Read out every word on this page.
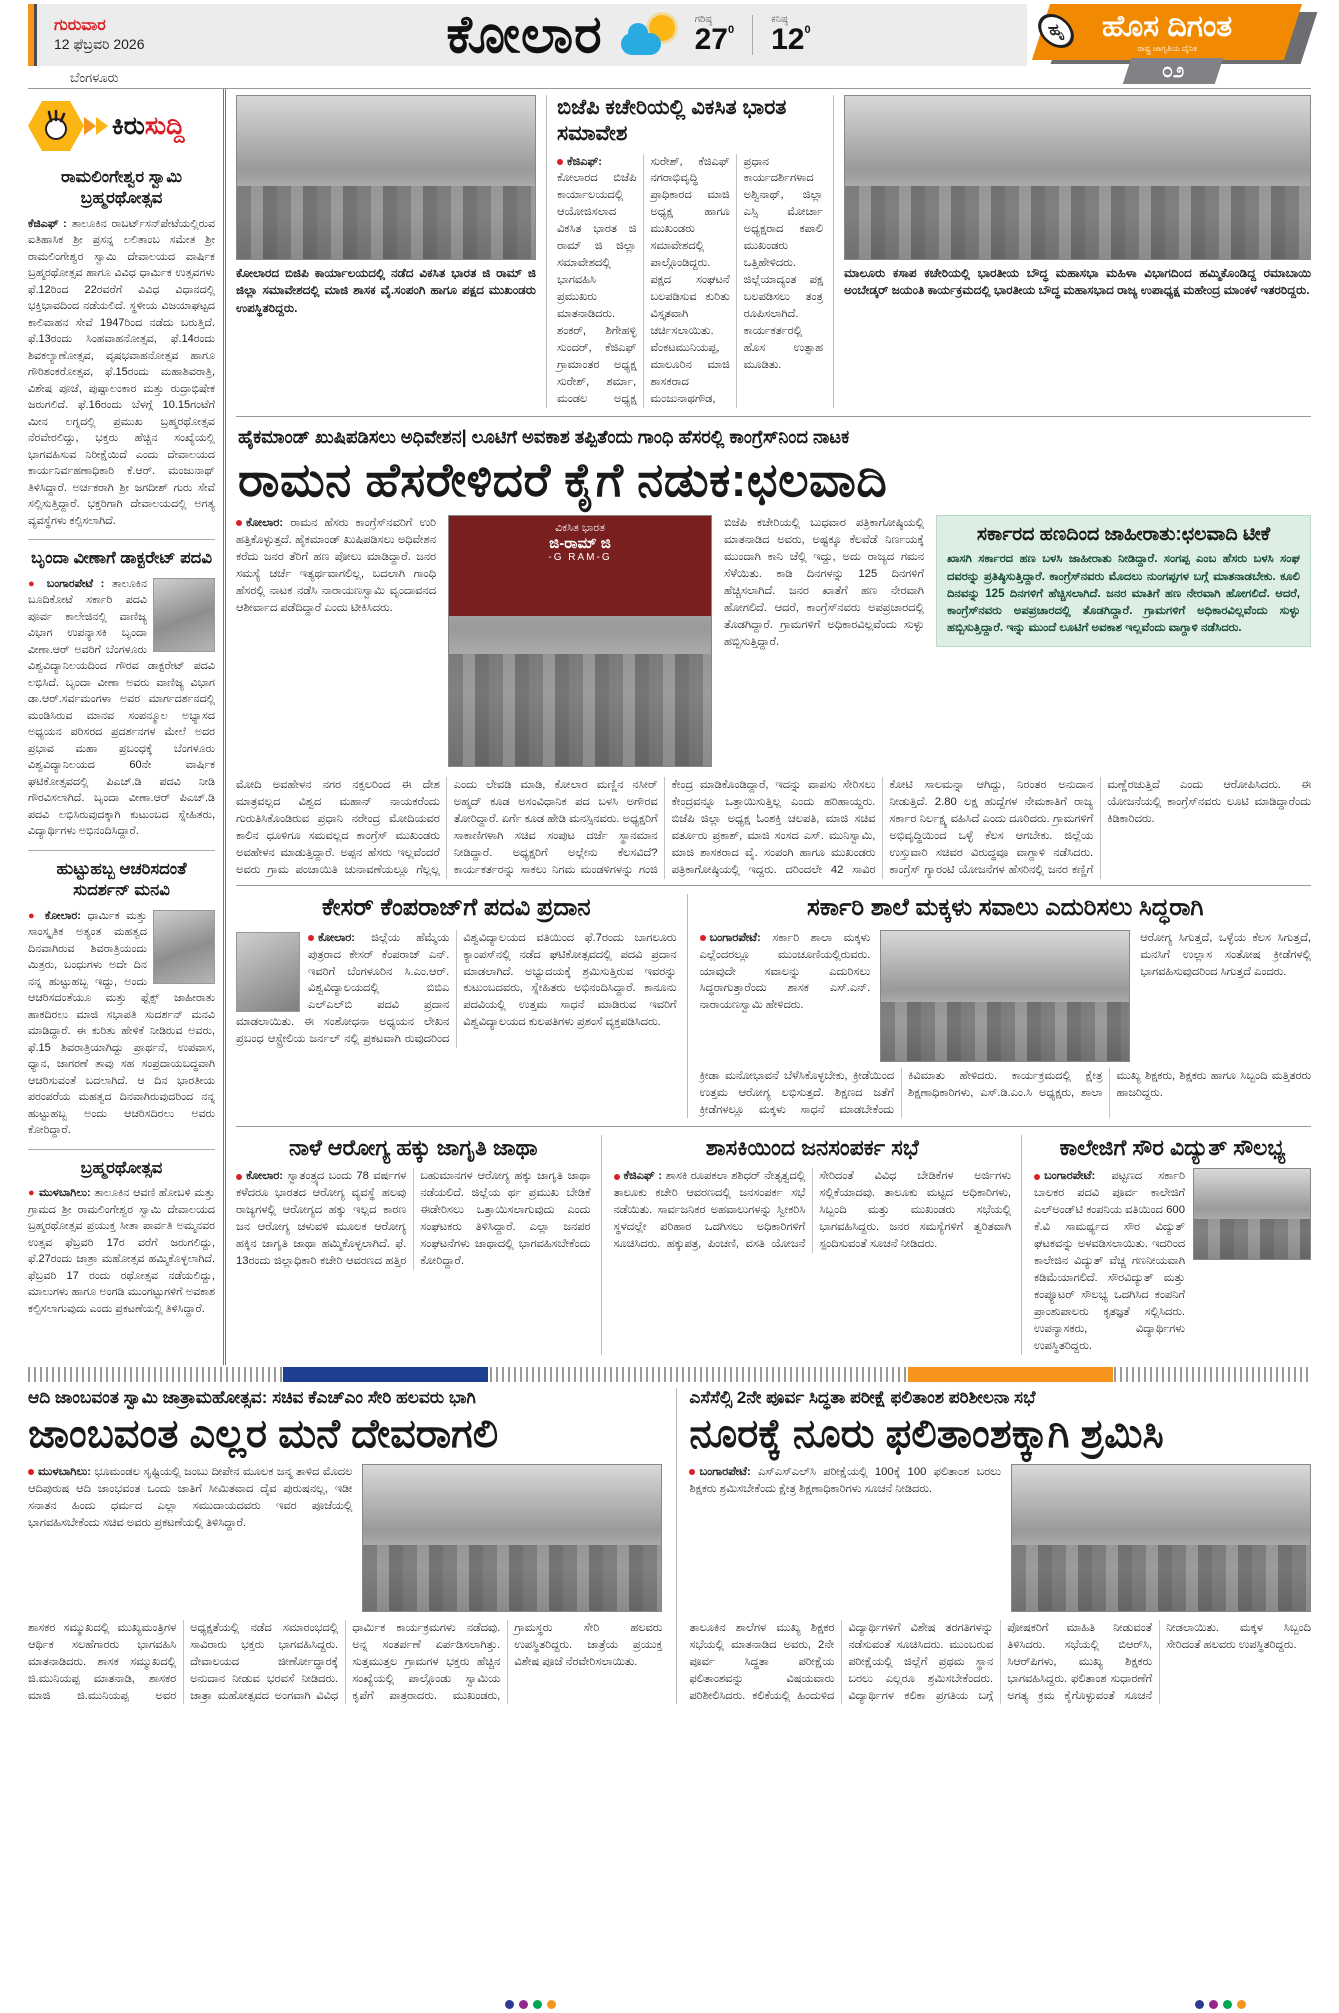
ಗುರುವಾರ
12 ಫೆಬ್ರವರಿ 2026	ಕೋಲಾರ	ಗರಿಷ್ಠ
$27^0$
ಕನಿಷ್ಠ
$12^0$	ಹೊಸ ದಿಗಂತ
ರಾಷ್ಟ್ರ ಜಾಗೃತಿಯ ದೈನಿಕ
ಹೃ
೦೨
ಬೆಂಗಳೂರು
ಕಿರುಸುದ್ದಿ
ರಾಮಲಿಂಗೇಶ್ವರ ಸ್ವಾಮಿ ಬ್ರಹ್ಮರಥೋತ್ಸವ
ಕೆಜಿಎಫ್ : ತಾಲೂಕಿನ ರಾಬರ್ಟ್‌ಸನ್‌ಪೇಟೆಯಲ್ಲಿರುವ ಐತಿಹಾಸಿಕ ಶ್ರೀ ಪ್ರಸನ್ನ ಲಲಿತಾಂಬ ಸಮೇತ ಶ್ರೀ ರಾಮಲಿಂಗೇಶ್ವರ ಸ್ವಾಮಿ ದೇವಾಲಯದ ವಾರ್ಷಿಕ ಬ್ರಹ್ಮರಥೋತ್ಸವ ಹಾಗೂ ವಿವಿಧ ಧಾರ್ಮಿಕ ಉತ್ಸವಗಳು ಫೆ.12ರಿಂದ 22ರವರೆಗೆ ವಿವಿಧ ವಿಧಾನದಲ್ಲಿ ಭಕ್ತಿಭಾವದಿಂದ ನಡೆಯಲಿದೆ. ಸ್ಥಳೀಯ ವಿಜಯಾಘಟ್ಟದ ಕಾಲಿವಾಹನ ಸೇವೆ 1947ರಿಂದ ನಡೆದು ಬರುತ್ತಿದೆ. ಫೆ.13ರಂದು ಸಿಂಹವಾಹನೋತ್ಸವ, ಫೆ.14ರಂದು ಶಿವಕಲ್ಯಾಣೋತ್ಸವ, ವೃಷಭವಾಹನೋತ್ಸವ ಹಾಗೂ ಗೌರಿಶಂಕರೋತ್ಸವ, ಫೆ.15ರಂದು ಮಹಾಶಿವರಾತ್ರಿ, ವಿಶೇಷ ಪೂಜೆ, ಪುಷ್ಪಾಲಂಕಾರ ಮತ್ತು ರುದ್ರಾಭಿಷೇಕ ಜರುಗಲಿದೆ. ಫೆ.16ರಂದು ಬೆಳಗ್ಗೆ 10.15ಗಂಟೆಗೆ ಮೀನ ಲಗ್ನದಲ್ಲಿ ಪ್ರಮುಖ ಬ್ರಹ್ಮರಥೋತ್ಸವ ನೆರವೇರಲಿದ್ದು, ಭಕ್ತರು ಹೆಚ್ಚಿನ ಸಂಖ್ಯೆಯಲ್ಲಿ ಭಾಗವಹಿಸುವ ನಿರೀಕ್ಷೆಯಿದೆ ಎಂದು ದೇವಾಲಯದ ಕಾರ್ಯನಿರ್ವಹಣಾಧಿಕಾರಿ ಕೆ.ಆರ್. ಮಂಜುನಾಥ್ ತಿಳಿಸಿದ್ದಾರೆ. ಅರ್ಚಕರಾಗಿ ಶ್ರೀ ಜಗದೀಶ್ ಗುರು ಸೇವೆ ಸಲ್ಲಿಸುತ್ತಿದ್ದಾರೆ. ಭಕ್ತರಿಗಾಗಿ ದೇವಾಲಯದಲ್ಲಿ ಅಗತ್ಯ ವ್ಯವಸ್ಥೆಗಳು ಕಲ್ಪಿಸಲಾಗಿದೆ.
ಬೃಂದಾ ವೀಣಾಗೆ ಡಾಕ್ಟರೇಟ್ ಪದವಿ
● ಬಂಗಾರಪೇಟೆ : ತಾಲೂಕಿನ ಬೂದಿಕೋಟೆ ಸರ್ಕಾರಿ ಪದವಿ ಪೂರ್ವ ಕಾಲೇಜಿನಲ್ಲಿ ವಾಣಿಜ್ಯ ವಿಭಾಗ ಉಪನ್ಯಾಸಕಿ ಬೃಂದಾ ವೀಣಾ.ಆರ್ ಅವರಿಗೆ ಬೆಂಗಳೂರು ವಿಶ್ವವಿದ್ಯಾನಿಲಯದಿಂದ ಗೌರವ ಡಾಕ್ಟರೇಟ್ ಪದವಿ ಲಭಿಸಿದೆ. ಬೃಂದಾ ವೀಣಾ ಅವರು ವಾಣಿಜ್ಯ ವಿಭಾಗ ಡಾ.ಆರ್.ಸರ್ವಮಂಗಳಾ ಅವರ ಮಾರ್ಗದರ್ಶನದಲ್ಲಿ ಮಂಡಿಸಿರುವ ಮಾನವ ಸಂಪನ್ಮೂಲ ಅಭ್ಯಾಸದ ಅಧ್ಯಯನ ಪರಿಸರದ ಪ್ರದರ್ಶನಗಳ ಮೇಲೆ ಅದರ ಪ್ರಭಾವ ಮಹಾ ಪ್ರಬಂಧಕ್ಕೆ ಬೆಂಗಳೂರು ವಿಶ್ವವಿದ್ಯಾನಿಲಯದ 60ನೇ ವಾರ್ಷಿಕ ಘಟಿಕೋತ್ಸವದಲ್ಲಿ ಪಿಎಚ್.ಡಿ ಪದವಿ ನೀಡಿ ಗೌರವಿಸಲಾಗಿದೆ. ಬೃಂದಾ ವೀಣಾ.ಆರ್ ಪಿಎಚ್.ಡಿ ಪದವಿ ಲಭಿಸಿರುವುದಕ್ಕಾಗಿ ಕುಟುಂಬದ ಸ್ನೇಹಿತರು, ವಿದ್ಯಾರ್ಥಿಗಳು ಅಭಿನಂದಿಸಿದ್ದಾರೆ.
ಹುಟ್ಟುಹಬ್ಬ ಆಚರಿಸದಂತೆ ಸುದರ್ಶನ್ ಮನವಿ
● ಕೋಲಾರ: ಧಾರ್ಮಿಕ ಮತ್ತು ಸಾಂಸ್ಕೃತಿಕ ಅತ್ಯಂತ ಮಹತ್ವದ ದಿನವಾಗಿರುವ ಶಿವರಾತ್ರಿಯಂದು ಮಿತ್ರರು, ಬಂಧುಗಳು ಅದೇ ದಿನ ನನ್ನ ಹುಟ್ಟುಹಬ್ಬ ಇದ್ದು, ಅಂದು ಆಚರಿಸದಂತೆಯೂ ಮತ್ತು ಫ್ಲೆಕ್ಸ್ ಜಾಹೀರಾತು ಹಾಕದಿರಲು ಮಾಜಿ ಸಭಾಪತಿ ಸುದರ್ಶನ್ ಮನವಿ ಮಾಡಿದ್ದಾರೆ. ಈ ಕುರಿತು ಹೇಳಿಕೆ ನೀಡಿರುವ ಅವರು, ಫೆ.15 ಶಿವರಾತ್ರಿಯಾಗಿದ್ದು ಪ್ರಾರ್ಥನೆ, ಉಪವಾಸ, ಧ್ಯಾನ, ಜಾಗರಣೆ ತಾವು ಸಹ ಸಂಪ್ರದಾಯಬದ್ಧವಾಗಿ ಆಚರಿಸುವಂತೆ ಬದಲಾಗಿದೆ. ಆ ದಿನ ಭಾರತೀಯ ಪರಂಪರೆಯ ಮಹತ್ವದ ದಿನವಾಗಿರುವುದರಿಂದ ನನ್ನ ಹುಟ್ಟುಹಬ್ಬ ಅಂದು ಆಚರಿಸದಿರಲು ಅವರು ಕೋರಿದ್ದಾರೆ.
ಬ್ರಹ್ಮರಥೋತ್ಸವ
● ಮುಳಬಾಗಿಲು: ತಾಲೂಕಿನ ಆವಣಿ ಹೋಬಳಿ ಮತ್ತು ಗ್ರಾಮದ ಶ್ರೀ ರಾಮಲಿಂಗೇಶ್ವರ ಸ್ವಾಮಿ ದೇವಾಲಯದ ಬ್ರಹ್ಮರಥೋತ್ಸವ ಪ್ರಯುಕ್ತ ಸೀತಾ ಪಾರ್ವತಿ ಅಮ್ಮನವರ ಉತ್ಸವ ಫೆಬ್ರವರಿ 17ರ ವರೆಗೆ ಜರುಗಲಿದ್ದು, ಫೆ.27ರಂದು ಜಾತ್ರಾ ಮಹೋತ್ಸವ ಹಮ್ಮಿಕೊಳ್ಳಲಾಗಿದೆ. ಫೆಬ್ರವರಿ 17 ರಂದು ರಥೋತ್ಸವ ನಡೆಯಲಿದ್ದು, ಮಾಲುಗಳು ಹಾಗೂ ಅಂಗಡಿ ಮುಂಗಟ್ಟುಗಳಿಗೆ ಅವಕಾಶ ಕಲ್ಪಿಸಲಾಗುವುದು ಎಂದು ಪ್ರಕಟಣೆಯಲ್ಲಿ ತಿಳಿಸಿದ್ದಾರೆ.
ಕೋಲಾರದ ಬಿಜಿಪಿ ಕಾರ್ಯಾಲಯದಲ್ಲಿ ನಡೆದ ವಿಕಸಿತ ಭಾರತ ಜಿ ರಾಮ್ ಜಿ ಜಿಲ್ಲಾ ಸಮಾವೇಶದಲ್ಲಿ ಮಾಜಿ ಶಾಸಕ ವೈ.ಸಂಪಂಗಿ ಹಾಗೂ ಪಕ್ಷದ ಮುಖಂಡರು ಉಪಸ್ಥಿತರಿದ್ದರು.
ಬಿಜೆಪಿ ಕಚೇರಿಯಲ್ಲಿ ವಿಕಸಿತ ಭಾರತ ಸಮಾವೇಶ
ಕೆಜಿಎಫ್: ಕೋಲಾರದ ಬಿಜೆಪಿ ಕಾರ್ಯಾಲಯದಲ್ಲಿ ಆಯೋಜಿಸಲಾದ ವಿಕಸಿತ ಭಾರತ ಜಿ ರಾಮ್ ಜಿ ಜಿಲ್ಲಾ ಸಮಾವೇಶದಲ್ಲಿ ಭಾಗವಹಿಸಿ ಪ್ರಮುಖರು ಮಾತನಾಡಿದರು. ಶಂಕರ್, ಶಿಗೇಹಳ್ಳಿ ಸುಂದರ್, ಕೆಜಿಎಫ್ ಗ್ರಾಮಾಂತರ ಅಧ್ಯಕ್ಷ ಸುರೇಶ್, ಶರ್ಮಾ, ಮಂಡಲ ಅಧ್ಯಕ್ಷ ಸುರೇಶ್, ಕೆಜಿಎಫ್ ನಗರಾಭಿವೃದ್ಧಿ ಪ್ರಾಧಿಕಾರದ ಮಾಜಿ ಅಧ್ಯಕ್ಷ ಹಾಗೂ ಮುಖಂಡರು ಸಮಾವೇಶದಲ್ಲಿ ಪಾಲ್ಗೊಂಡಿದ್ದರು. ಪಕ್ಷದ ಸಂಘಟನೆ ಬಲಪಡಿಸುವ ಕುರಿತು ವಿಸ್ತೃತವಾಗಿ ಚರ್ಚಿಸಲಾಯಿತು. ವೆಂಕಟಮುನಿಯಪ್ಪ, ಮಾಲೂರಿನ ಮಾಜಿ ಶಾಸಕರಾದ ಮಂಜುನಾಥಗೌಡ, ಪ್ರಧಾನ ಕಾರ್ಯದರ್ಶಿಗಳಾದ ಅಶ್ವಿನಾಥ್, ಜಿಲ್ಲಾ ಎಸ್ಸಿ ಮೋರ್ಚಾ ಅಧ್ಯಕ್ಷರಾದ ಕಪಾಲಿ ಮುಖಂಡರು ಒತ್ತಿಹೇಳಿದರು. ಜಿಲ್ಲೆಯಾದ್ಯಂತ ಪಕ್ಷ ಬಲಪಡಿಸಲು ತಂತ್ರ ರೂಪಿಸಲಾಗಿದೆ. ಕಾರ್ಯಕರ್ತರಲ್ಲಿ ಹೊಸ ಉತ್ಸಾಹ ಮೂಡಿತು.
ಮಾಲೂರು ಕಸಾಪ ಕಚೇರಿಯಲ್ಲಿ ಭಾರತೀಯ ಬೌದ್ಧ ಮಹಾಸಭಾ ಮಹಿಳಾ ವಿಭಾಗದಿಂದ ಹಮ್ಮಿಕೊಂಡಿದ್ದ ರಮಾಬಾಯಿ ಅಂಬೇಡ್ಕರ್ ಜಯಂತಿ ಕಾರ್ಯಕ್ರಮದಲ್ಲಿ ಭಾರತೀಯ ಬೌದ್ಧ ಮಹಾಸಭಾದ ರಾಜ್ಯ ಉಪಾಧ್ಯಕ್ಷ ಮಹೇಂದ್ರ ಮಾಂಕಳೆ ಇತರರಿದ್ದರು.
ಹೈಕಮಾಂಡ್ ಖುಷಿಪಡಿಸಲು ಅಧಿವೇಶನ| ಲೂಟಿಗೆ ಅವಕಾಶ ತಪ್ಪಿತೆಂದು ಗಾಂಧಿ ಹೆಸರಲ್ಲಿ ಕಾಂಗ್ರೆಸ್‌ನಿಂದ ನಾಟಕ
ರಾಮನ ಹೆಸರೇಳಿದರೆ ಕೈಗೆ ನಡುಕ:ಛಲವಾದಿ
ಕೋಲಾರ: ರಾಮನ ಹೆಸರು ಕಾಂಗ್ರೆಸ್‌ನವರಿಗೆ ಉರಿ ಹತ್ತಿಕೊಳ್ಳುತ್ತದೆ. ಹೈಕಮಾಂಡ್ ಖುಷಿಪಡಿಸಲು ಅಧಿವೇಶನ ಕರೆದು ಜನರ ತೆರಿಗೆ ಹಣ ಪೋಲು ಮಾಡಿದ್ದಾರೆ. ಜನರ ಸಮಸ್ಯೆ ಚರ್ಚೆ ಇತ್ಯರ್ಥವಾಗಲಿಲ್ಲ, ಬದಲಾಗಿ ಗಾಂಧಿ ಹೆಸರಲ್ಲಿ ನಾಟಕ ನಡೆಸಿ ನಾರಾಯಣಸ್ವಾಮಿ ವೃಂದಾವನದ ಆಶೀರ್ವಾದ ಪಡೆದಿದ್ದಾರೆ ಎಂದು ಟೀಕಿಸಿದರು.
ವಿಕಸಿತ ಭಾರತ
ಜಿ-ರಾಮ್ ಜಿ
-G RAM-G
ಬಿಜೆಪಿ ಕಚೇರಿಯಲ್ಲಿ ಬುಧವಾರ ಪತ್ರಿಕಾಗೋಷ್ಠಿಯಲ್ಲಿ ಮಾತನಾಡಿದ ಅವರು, ಅಷ್ಟಕ್ಕೂ ಕೆಲವೆಡೆ ನಿರ್ಣಯಕ್ಕೆ ಮುಂದಾಗಿ ಕಾನಿ ಚೆಲ್ಲಿ ಇದ್ದು, ಅದು ರಾಜ್ಯದ ಗಮನ ಸೆಳೆಯಿತು. ಕಾಡಿ ದಿನಗಳನ್ನು 125 ದಿನಗಳಿಗೆ ಹೆಚ್ಚಿಸಲಾಗಿದೆ. ಜನರ ಖಾತೆಗೆ ಹಣ ನೇರವಾಗಿ ಹೋಗಲಿದೆ. ಆದರೆ, ಕಾಂಗ್ರೆಸ್‌ನವರು ಅಪಪ್ರಚಾರದಲ್ಲಿ ತೊಡಗಿದ್ದಾರೆ. ಗ್ರಾಮಗಳಿಗೆ ಅಧಿಕಾರವಿಲ್ಲವೆಂದು ಸುಳ್ಳು ಹಬ್ಬಿಸುತ್ತಿದ್ದಾರೆ.
ಸರ್ಕಾರದ ಹಣದಿಂದ ಜಾಹೀರಾತು:ಛಲವಾದಿ ಟೀಕೆ
ಖಾಸಗಿ ಸರ್ಕಾರದ ಹಣ ಬಳಸಿ ಜಾಹೀರಾತು ನೀಡಿದ್ದಾರೆ. ಸಂಗಪ್ಪ ಎಂಬ ಹೆಸರು ಬಳಸಿ ಸಂಘ ದವರನ್ನು ಪ್ರತಿಷ್ಠಿಸುತ್ತಿದ್ದಾರೆ. ಕಾಂಗ್ರೆಸ್‌ನವರು ಮೊದಲು ನುಂಗಪ್ಪಗಳ ಬಗ್ಗೆ ಮಾತನಾಡಬೇಕು. ಕೂಲಿ ದಿನವನ್ನು 125 ದಿನಗಳಿಗೆ ಹೆಚ್ಚಿಸಲಾಗಿದೆ. ಜನರ ಮಾತಿಗೆ ಹಣ ನೇರವಾಗಿ ಹೋಗಲಿದೆ. ಆದರೆ, ಕಾಂಗ್ರೆಸ್‌ನವರು ಅಪಪ್ರಚಾರದಲ್ಲಿ ತೊಡಗಿದ್ದಾರೆ. ಗ್ರಾಮಗಳಿಗೆ ಅಧಿಕಾರವಿಲ್ಲವೆಂದು ಸುಳ್ಳು ಹಬ್ಬಿಸುತ್ತಿದ್ದಾರೆ. ಇನ್ನು ಮುಂದೆ ಲೂಟಿಗೆ ಅವಕಾಶ ಇಲ್ಲವೆಂದು ವಾಗ್ದಾಳಿ ನಡೆಸಿದರು.
ಮೋದಿ ಅವಹೇಳನ ನಗರ ನಕ್ಸಲರಿಂದ ಈ ದೇಶ ಮಾತ್ರವಲ್ಲದ ವಿಶ್ವದ ಮಹಾನ್ ನಾಯಕರೆಂದು ಗುರುತಿಸಿಕೊಂಡಿರುವ ಪ್ರಧಾನಿ ನರೇಂದ್ರ ಮೋದಿಯವರ ಕಾಲಿನ ಧೂಳಿಗೂ ಸಮವಲ್ಲದ ಕಾಂಗ್ರೆಸ್ ಮುಖಂಡರು ಅವಹೇಳನ ಮಾಡುತ್ತಿದ್ದಾರೆ. ಅಪ್ಪನ ಹೆಸರು ಇಲ್ಲವೆಂದರೆ ಅವರು ಗ್ರಾಮ ಪಂಚಾಯಿತಿ ಚುನಾವಣೆಯಲ್ಲೂ ಗೆಲ್ಲಲ್ಲ ಎಂದು ಲೇವಡಿ ಮಾಡಿ, ಕೋಲಾರ ಮಣ್ಣಿನ ನಸೀರ್ ಅಹ್ಮದ್ ಕೂಡ ಅಸಂವಿಧಾನಿಕ ಪದ ಬಳಸಿ ಅಗೌರವ ತೋರಿದ್ದಾರೆ. ಏರ್ಗೆ ಕೂಡ ಹೇಡಿ ಮನಸ್ಸಿನವರು. ಅಧ್ಯಕ್ಷರಿಗೆ ಸಾಕಾಣಿಗಳಾಗಿ ಸಚಿವ ಸಂಪುಟ ದರ್ಜೆ ಸ್ಥಾನಮಾನ ನೀಡಿದ್ದಾರೆ. ಅಧ್ಯಕ್ಷರಿಗೆ ಅಲ್ಲೇನು ಕೆಲಸವಿದೆ? ಕಾರ್ಯಕರ್ತರನ್ನು ಸಾಕಲು ನಿಗಮ ಮಂಡಳಿಗಳನ್ನು ಗಂಜಿ ಕೇಂದ್ರ ಮಾಡಿಕೊಂಡಿದ್ದಾರೆ, ಇದನ್ನು ವಾಪಸು ಸೇರಿಸಲು ಕೇಂದ್ರವನ್ನೂ ಒತ್ತಾಯಿಸುತ್ತಿಲ್ಲ ಎಂದು ಹರಿಹಾಯ್ದರು. ಬಿಜೆಪಿ ಜಿಲ್ಲಾ ಅಧ್ಯಕ್ಷ ಓಂಶಕ್ತಿ ಚಲಪತಿ, ಮಾಜಿ ಸಚಿವ ವರ್ತೂರು ಪ್ರಕಾಶ್, ಮಾಜಿ ಸಂಸದ ಎಸ್. ಮುನಿಸ್ವಾಮಿ, ಮಾಜಿ ಶಾಸಕರಾದ ವೈ. ಸಂಪಂಗಿ ಹಾಗೂ ಮುಖಂಡರು ಪತ್ರಿಕಾಗೋಷ್ಠಿಯಲ್ಲಿ ಇದ್ದರು. ದರಿಂದಲೇ 42 ಸಾವಿರ ಕೋಟಿ ಸಾಲಮನ್ನಾ ಆಗಿದ್ದು, ನಿರಂತರ ಅನುದಾನ ನೀಡುತ್ತಿದೆ. 2.80 ಲಕ್ಷ ಹುದ್ದೆಗಳ ನೇಮಕಾತಿಗೆ ರಾಜ್ಯ ಸರ್ಕಾರ ನಿರ್ಲಕ್ಷ್ಯ ವಹಿಸಿದೆ ಎಂದು ದೂರಿದರು. ಗ್ರಾಮಗಳಿಗೆ ಅಭಿವೃದ್ಧಿಯಿಂದ ಒಳ್ಳೆ ಕೆಲಸ ಆಗಬೇಕು. ಜಿಲ್ಲೆಯ ಉಸ್ತುವಾರಿ ಸಚಿವರ ವಿರುದ್ಧವೂ ವಾಗ್ದಾಳಿ ನಡೆಸಿದರು. ಕಾಂಗ್ರೆಸ್ ಗ್ಯಾರಂಟಿ ಯೋಜನೆಗಳ ಹೆಸರಿನಲ್ಲಿ ಜನರ ಕಣ್ಣಿಗೆ ಮಣ್ಣೆರಚುತ್ತಿದೆ ಎಂದು ಆರೋಪಿಸಿದರು. ಈ ಯೋಜನೆಯಲ್ಲಿ ಕಾಂಗ್ರೆಸ್‌ನವರು ಲೂಟಿ ಮಾಡಿದ್ದಾರೆಂದು ಕಿಡಿಕಾರಿದರು.
ಕೇಸರ್ ಕೆಂಪರಾಜ್‌ಗೆ ಪದವಿ ಪ್ರದಾನ
ಕೋಲಾರ: ಜಿಲ್ಲೆಯ ಹೆಮ್ಮೆಯ ಪುತ್ರರಾದ ಕೇಸರ್ ಕೆಂಪರಾಜ್ ಎನ್. ಇವರಿಗೆ ಬೆಂಗಳೂರಿನ ಸಿ.ಎಂ.ಆರ್. ವಿಶ್ವವಿದ್ಯಾಲಯದಲ್ಲಿ ಬಿಬಿಎ ಎಲ್‌ಎಲ್‌ಬಿ ಪದವಿ ಪ್ರದಾನ ಮಾಡಲಾಯಿತು. ಈ ಸಂಶೋಧನಾ ಅಧ್ಯಯನ ಲೇಖನ ಪ್ರಬಂಧ ಆಸ್ಟ್ರೇಲಿಯ ಜರ್ನಲ್ ನಲ್ಲಿ ಪ್ರಕಟವಾಗಿ ರುವುದರಿಂದ ವಿಶ್ವವಿದ್ಯಾಲಯದ ವತಿಯಿಂದ ಫೆ.7ರಂದು ಬಾಗಲೂರು ಕ್ಯಾಂಪಸ್‌ನಲ್ಲಿ ನಡೆದ ಘಟಿಕೋತ್ಸವದಲ್ಲಿ ಪದವಿ ಪ್ರದಾನ ಮಾಡಲಾಗಿದೆ. ಅಭ್ಯುದಯಕ್ಕೆ ಶ್ರಮಿಸುತ್ತಿರುವ ಇವರನ್ನು ಕುಟುಂಬದವರು, ಸ್ನೇಹಿತರು ಅಭಿನಂದಿಸಿದ್ದಾರೆ. ಕಾನೂನು ಪದವಿಯಲ್ಲಿ ಉತ್ತಮ ಸಾಧನೆ ಮಾಡಿರುವ ಇವರಿಗೆ ವಿಶ್ವವಿದ್ಯಾಲಯದ ಕುಲಪತಿಗಳು ಪ್ರಶಂಸೆ ವ್ಯಕ್ತಪಡಿಸಿದರು.
ಸರ್ಕಾರಿ ಶಾಲೆ ಮಕ್ಕಳು ಸವಾಲು ಎದುರಿಸಲು ಸಿದ್ಧರಾಗಿ
ಬಂಗಾರಪೇಟೆ: ಸರ್ಕಾರಿ ಶಾಲಾ ಮಕ್ಕಳು ಎಲ್ಲೆಂದರಲ್ಲೂ ಮುಂಚೂಣಿಯಲ್ಲಿರುವರು. ಯಾವುದೇ ಸವಾಲನ್ನು ಎದುರಿಸಲು ಸಿದ್ಧರಾಗುತ್ತಾರೆಂದು ಶಾಸಕ ಎಸ್.ಎನ್. ನಾರಾಯಣಸ್ವಾಮಿ ಹೇಳಿದರು.
ಆರೋಗ್ಯ ಸಿಗುತ್ತದೆ, ಒಳ್ಳೆಯ ಕೆಲಸ ಸಿಗುತ್ತದೆ, ಮನಸಿಗೆ ಉಲ್ಲಾಸ ಸಂತೋಷ ಕ್ರೀಡೆಗಳಲ್ಲಿ ಭಾಗವಹಿಸುವುದರಿಂದ ಸಿಗುತ್ತದೆ ಎಂದರು.
ಕ್ರೀಡಾ ಮನೋಭಾವನೆ ಬೆಳೆಸಿಕೊಳ್ಳಬೇಕು, ಕ್ರೀಡೆಯಿಂದ ಉತ್ತಮ ಆರೋಗ್ಯ ಲಭಿಸುತ್ತದೆ. ಶಿಕ್ಷಣದ ಜತೆಗೆ ಕ್ರೀಡೆಗಳಲ್ಲೂ ಮಕ್ಕಳು ಸಾಧನೆ ಮಾಡಬೇಕೆಂದು ಕಿವಿಮಾತು ಹೇಳಿದರು. ಕಾರ್ಯಕ್ರಮದಲ್ಲಿ ಕ್ಷೇತ್ರ ಶಿಕ್ಷಣಾಧಿಕಾರಿಗಳು, ಎಸ್.ಡಿ.ಎಂ.ಸಿ ಅಧ್ಯಕ್ಷರು, ಶಾಲಾ ಮುಖ್ಯ ಶಿಕ್ಷಕರು, ಶಿಕ್ಷಕರು ಹಾಗೂ ಸಿಬ್ಬಂದಿ ಮತ್ತಿತರರು ಹಾಜರಿದ್ದರು.
ನಾಳೆ ಆರೋಗ್ಯ ಹಕ್ಕು ಜಾಗೃತಿ ಜಾಥಾ
ಕೋಲಾರ: ಸ್ವಾತಂತ್ರ್ಯದ ಬಂದು 78 ವರ್ಷಗಳ ಕಳೆದರೂ ಭಾರತದ ಆರೋಗ್ಯ ವ್ಯವಸ್ಥೆ ಹಲವು ರಾಜ್ಯಗಳಲ್ಲಿ ಆರೋಗ್ಯದ ಹಕ್ಕು ಇಲ್ಲದ ಕಾರಣ ಜನ ಆರೋಗ್ಯ ಚಳುವಳಿ ಮೂಲಕ ಆರೋಗ್ಯ ಹಕ್ಕಿನ ಜಾಗೃತಿ ಜಾಥಾ ಹಮ್ಮಿಕೊಳ್ಳಲಾಗಿದೆ. ಫೆ. 13ರಂದು ಜಿಲ್ಲಾಧಿಕಾರಿ ಕಚೇರಿ ಆವರಣದ ಹತ್ತಿರ ಬಹುಮಾನಗಳ ಆರೋಗ್ಯ ಹಕ್ಕು ಜಾಗೃತಿ ಜಾಥಾ ನಡೆಯಲಿದೆ. ಜಿಲ್ಲೆಯ ರ್ಥ ಪ್ರಮುಖ ಬೇಡಿಕೆ ಈಡೇರಿಸಲು ಒತ್ತಾಯಿಸಲಾಗುವುದು ಎಂದು ಸಂಘಟಕರು ತಿಳಿಸಿದ್ದಾರೆ. ಎಲ್ಲಾ ಜನಪರ ಸಂಘಟನೆಗಳು ಜಾಥಾದಲ್ಲಿ ಭಾಗವಹಿಸಬೇಕೆಂದು ಕೋರಿದ್ದಾರೆ.
ಶಾಸಕಿಯಿಂದ ಜನಸಂಪರ್ಕ ಸಭೆ
ಕೆಜಿಎಫ್ : ಶಾಸಕಿ ರೂಪಕಲಾ ಶಶಿಧರ್ ನೇತೃತ್ವದಲ್ಲಿ ತಾಲೂಕು ಕಚೇರಿ ಆವರಣದಲ್ಲಿ ಜನಸಂಪರ್ಕ ಸಭೆ ನಡೆಯಿತು. ಸಾರ್ವಜನಿಕರ ಅಹವಾಲುಗಳನ್ನು ಸ್ವೀಕರಿಸಿ ಸ್ಥಳದಲ್ಲೇ ಪರಿಹಾರ ಒದಗಿಸಲು ಅಧಿಕಾರಿಗಳಿಗೆ ಸೂಚಿಸಿದರು. ಹಕ್ಕುಪತ್ರ, ಪಿಂಚಣಿ, ವಸತಿ ಯೋಜನೆ ಸೇರಿದಂತೆ ವಿವಿಧ ಬೇಡಿಕೆಗಳ ಅರ್ಜಿಗಳು ಸಲ್ಲಿಕೆಯಾದವು. ತಾಲೂಕು ಮಟ್ಟದ ಅಧಿಕಾರಿಗಳು, ಸಿಬ್ಬಂದಿ ಮತ್ತು ಮುಖಂಡರು ಸಭೆಯಲ್ಲಿ ಭಾಗವಹಿಸಿದ್ದರು. ಜನರ ಸಮಸ್ಯೆಗಳಿಗೆ ತ್ವರಿತವಾಗಿ ಸ್ಪಂದಿಸುವಂತೆ ಸೂಚನೆ ನೀಡಿದರು.
ಕಾಲೇಜಿಗೆ ಸೌರ ವಿದ್ಯುತ್ ಸೌಲಭ್ಯ
ಬಂಗಾರಪೇಟೆ: ಪಟ್ಟಣದ ಸರ್ಕಾರಿ ಬಾಲಕರ ಪದವಿ ಪೂರ್ವ ಕಾಲೇಜಿಗೆ ಎಲ್‌ಅಂಡ್‌ಟಿ ಕಂಪನಿಯ ವತಿಯಿಂದ 600 ಕೆ.ವಿ ಸಾಮರ್ಥ್ಯದ ಸೌರ ವಿದ್ಯುತ್ ಘಟಕವನ್ನು ಅಳವಡಿಸಲಾಯಿತು. ಇದರಿಂದ ಕಾಲೇಜಿನ ವಿದ್ಯುತ್ ವೆಚ್ಚ ಗಣನೀಯವಾಗಿ ಕಡಿಮೆಯಾಗಲಿದೆ. ಸೌರವಿದ್ಯುತ್ ಮತ್ತು ಕಂಪ್ಯೂಟರ್ ಸೌಲಭ್ಯ ಒದಗಿಸಿದ ಕಂಪನಿಗೆ ಪ್ರಾಂಶುಪಾಲರು ಕೃತಜ್ಞತೆ ಸಲ್ಲಿಸಿದರು. ಉಪನ್ಯಾಸಕರು, ವಿದ್ಯಾರ್ಥಿಗಳು ಉಪಸ್ಥಿತರಿದ್ದರು.
ಆದಿ ಜಾಂಬವಂತ ಸ್ವಾಮಿ ಜಾತ್ರಾಮಹೋತ್ಸವ: ಸಚಿವ ಕೆಎಚ್‌ಎಂ ಸೇರಿ ಹಲವರು ಭಾಗಿ
ಜಾಂಬವಂತ ಎಲ್ಲರ ಮನೆ ದೇವರಾಗಲಿ
ಮುಳಬಾಗಿಲು: ಭೂಮಂಡಲ ಸೃಷ್ಟಿಯಲ್ಲಿ ಜಂಬು ದೀಪೇನ ಮೂಲಕ ಜನ್ಮ ತಾಳಿದ ಮೊದಲ ಆದಿಪುರುಷ ಆದಿ ಜಾಂಭವಂತ ಒಂದು ಜಾತಿಗೆ ಸೀಮಿತವಾದ ದೈವ ಪುರುಷನಲ್ಲ, ಇಡೀ ಸನಾತನ ಹಿಂದು ಧರ್ಮದ ಎಲ್ಲಾ ಸಮುದಾಯದವರು ಇವರ ಪೂಜೆಯಲ್ಲಿ ಭಾಗವಹಿಸಬೇಕೆಂದು ಸಚಿವ ಅವರು ಪ್ರಕಟಣೆಯಲ್ಲಿ ತಿಳಿಸಿದ್ದಾರೆ.
ಶಾಸಕರ ಸಮ್ಮುಖದಲ್ಲಿ ಮುಖ್ಯಮಂತ್ರಿಗಳ ಆರ್ಥಿಕ ಸಲಹೆಗಾರರು ಭಾಗವಹಿಸಿ ಮಾತನಾಡಿದರು. ಶಾಸಕ ಸಮ್ಮುಖದಲ್ಲಿ ಜಿ.ಮುನಿಯಪ್ಪ ಮಾತನಾಡಿ, ಶಾಸಕರ ಮಾಜಿ ಜಿ.ಮುನಿಯಪ್ಪ ಅವರ ಅಧ್ಯಕ್ಷತೆಯಲ್ಲಿ ನಡೆದ ಸಮಾರಂಭದಲ್ಲಿ ಸಾವಿರಾರು ಭಕ್ತರು ಭಾಗವಹಿಸಿದ್ದರು. ದೇವಾಲಯದ ಜೀರ್ಣೋದ್ಧಾರಕ್ಕೆ ಅನುದಾನ ನೀಡುವ ಭರವಸೆ ನೀಡಿದರು. ಜಾತ್ರಾ ಮಹೋತ್ಸವದ ಅಂಗವಾಗಿ ವಿವಿಧ ಧಾರ್ಮಿಕ ಕಾರ್ಯಕ್ರಮಗಳು ನಡೆದವು. ಅನ್ನ ಸಂತರ್ಪಣೆ ಏರ್ಪಡಿಸಲಾಗಿತ್ತು. ಸುತ್ತಮುತ್ತಲ ಗ್ರಾಮಗಳ ಭಕ್ತರು ಹೆಚ್ಚಿನ ಸಂಖ್ಯೆಯಲ್ಲಿ ಪಾಲ್ಗೊಂಡು ಸ್ವಾಮಿಯ ಕೃಪೆಗೆ ಪಾತ್ರರಾದರು. ಮುಖಂಡರು, ಗ್ರಾಮಸ್ಥರು ಸೇರಿ ಹಲವರು ಉಪಸ್ಥಿತರಿದ್ದರು. ಜಾತ್ರೆಯ ಪ್ರಯುಕ್ತ ವಿಶೇಷ ಪೂಜೆ ನೆರವೇರಿಸಲಾಯಿತು.
ಎಸೆಸೆಲ್ಸಿ 2ನೇ ಪೂರ್ವ ಸಿದ್ಧತಾ ಪರೀಕ್ಷೆ ಫಲಿತಾಂಶ ಪರಿಶೀಲನಾ ಸಭೆ
ನೂರಕ್ಕೆ ನೂರು ಫಲಿತಾಂಶಕ್ಕಾಗಿ ಶ್ರಮಿಸಿ
ಬಂಗಾರಪೇಟೆ: ಎಸ್‌ಎಸ್‌ಎಲ್‌ಸಿ ಪರೀಕ್ಷೆಯಲ್ಲಿ 100ಕ್ಕೆ 100 ಫಲಿತಾಂಶ ಬರಲು ಶಿಕ್ಷಕರು ಶ್ರಮಿಸಬೇಕೆಂದು ಕ್ಷೇತ್ರ ಶಿಕ್ಷಣಾಧಿಕಾರಿಗಳು ಸೂಚನೆ ನೀಡಿದರು.
ತಾಲೂಕಿನ ಶಾಲೆಗಳ ಮುಖ್ಯ ಶಿಕ್ಷಕರ ಸಭೆಯಲ್ಲಿ ಮಾತನಾಡಿದ ಅವರು, 2ನೇ ಪೂರ್ವ ಸಿದ್ಧತಾ ಪರೀಕ್ಷೆಯ ಫಲಿತಾಂಶವನ್ನು ವಿಷಯವಾರು ಪರಿಶೀಲಿಸಿದರು. ಕಲಿಕೆಯಲ್ಲಿ ಹಿಂದುಳಿದ ವಿದ್ಯಾರ್ಥಿಗಳಿಗೆ ವಿಶೇಷ ತರಗತಿಗಳನ್ನು ನಡೆಸುವಂತೆ ಸೂಚಿಸಿದರು. ಮುಂಬರುವ ಪರೀಕ್ಷೆಯಲ್ಲಿ ಜಿಲ್ಲೆಗೆ ಪ್ರಥಮ ಸ್ಥಾನ ಬರಲು ಎಲ್ಲರೂ ಶ್ರಮಿಸಬೇಕೆಂದರು. ವಿದ್ಯಾರ್ಥಿಗಳ ಕಲಿಕಾ ಪ್ರಗತಿಯ ಬಗ್ಗೆ ಪೋಷಕರಿಗೆ ಮಾಹಿತಿ ನೀಡುವಂತೆ ತಿಳಿಸಿದರು. ಸಭೆಯಲ್ಲಿ ಬಿಆರ್‌ಸಿ, ಸಿಆರ್‌ಪಿಗಳು, ಮುಖ್ಯ ಶಿಕ್ಷಕರು ಭಾಗವಹಿಸಿದ್ದರು. ಫಲಿತಾಂಶ ಸುಧಾರಣೆಗೆ ಅಗತ್ಯ ಕ್ರಮ ಕೈಗೊಳ್ಳುವಂತೆ ಸೂಚನೆ ನೀಡಲಾಯಿತು. ಮಕ್ಕಳ ಸಿಬ್ಬಂದಿ ಸೇರಿದಂತೆ ಹಲವರು ಉಪಸ್ಥಿತರಿದ್ದರು.
